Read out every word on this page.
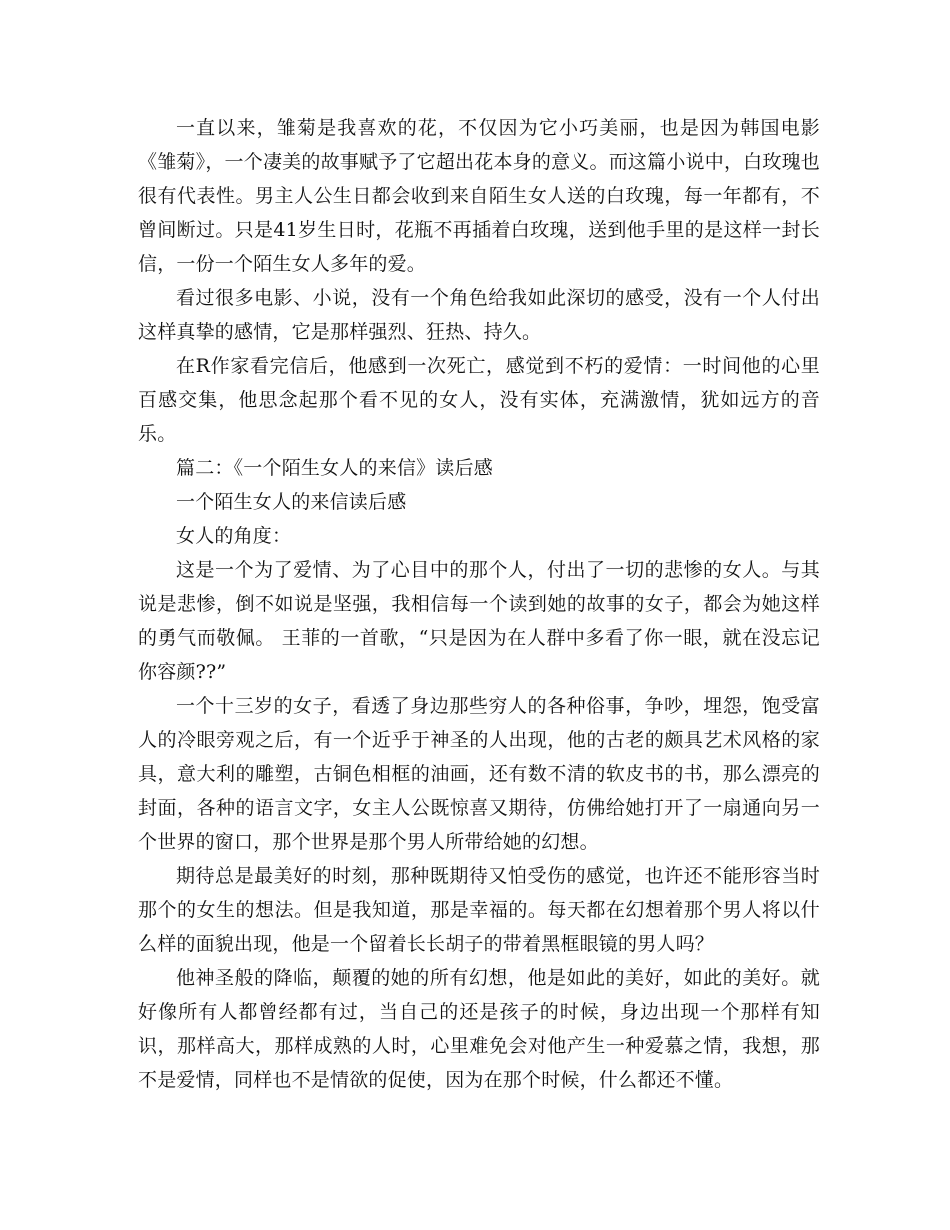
一直以来，雏菊是我喜欢的花，不仅因为它小巧美丽，也是因为韩国电影《雏菊》，一个凄美的故事赋予了它超出花本身的意义。而这篇小说中，白玫瑰也很有代表性。男主人公生日都会收到来自陌生女人送的白玫瑰，每一年都有，不曾间断过。只是41岁生日时，花瓶不再插着白玫瑰，送到他手里的是这样一封长信，一份一个陌生女人多年的爱。

看过很多电影、小说，没有一个角色给我如此深切的感受，没有一个人付出这样真挚的感情，它是那样强烈、狂热、持久。

在R作家看完信后，他感到一次死亡，感觉到不朽的爱情：一时间他的心里百感交集，他思念起那个看不见的女人，没有实体，充满激情，犹如远方的音乐。

篇二：《一个陌生女人的来信》读后感

一个陌生女人的来信读后感

女人的角度：

这是一个为了爱情、为了心目中的那个人，付出了一切的悲惨的女人。与其说是悲惨，倒不如说是坚强，我相信每一个读到她的故事的女子，都会为她这样的勇气而敬佩。 王菲的一首歌，“只是因为在人群中多看了你一眼，就在没忘记你容颜??”

一个十三岁的女子，看透了身边那些穷人的各种俗事，争吵，埋怨，饱受富人的冷眼旁观之后，有一个近乎于神圣的人出现，他的古老的颇具艺术风格的家具，意大利的雕塑，古铜色相框的油画，还有数不清的软皮书的书，那么漂亮的封面，各种的语言文字，女主人公既惊喜又期待，仿佛给她打开了一扇通向另一个世界的窗口，那个世界是那个男人所带给她的幻想。

期待总是最美好的时刻，那种既期待又怕受伤的感觉，也许还不能形容当时那个的女生的想法。但是我知道，那是幸福的。每天都在幻想着那个男人将以什么样的面貌出现，他是一个留着长长胡子的带着黑框眼镜的男人吗？

他神圣般的降临，颠覆的她的所有幻想，他是如此的美好，如此的美好。就好像所有人都曾经都有过，当自己的还是孩子的时候，身边出现一个那样有知识，那样高大，那样成熟的人时，心里难免会对他产生一种爱慕之情，我想，那不是爱情，同样也不是情欲的促使，因为在那个时候，什么都还不懂。
